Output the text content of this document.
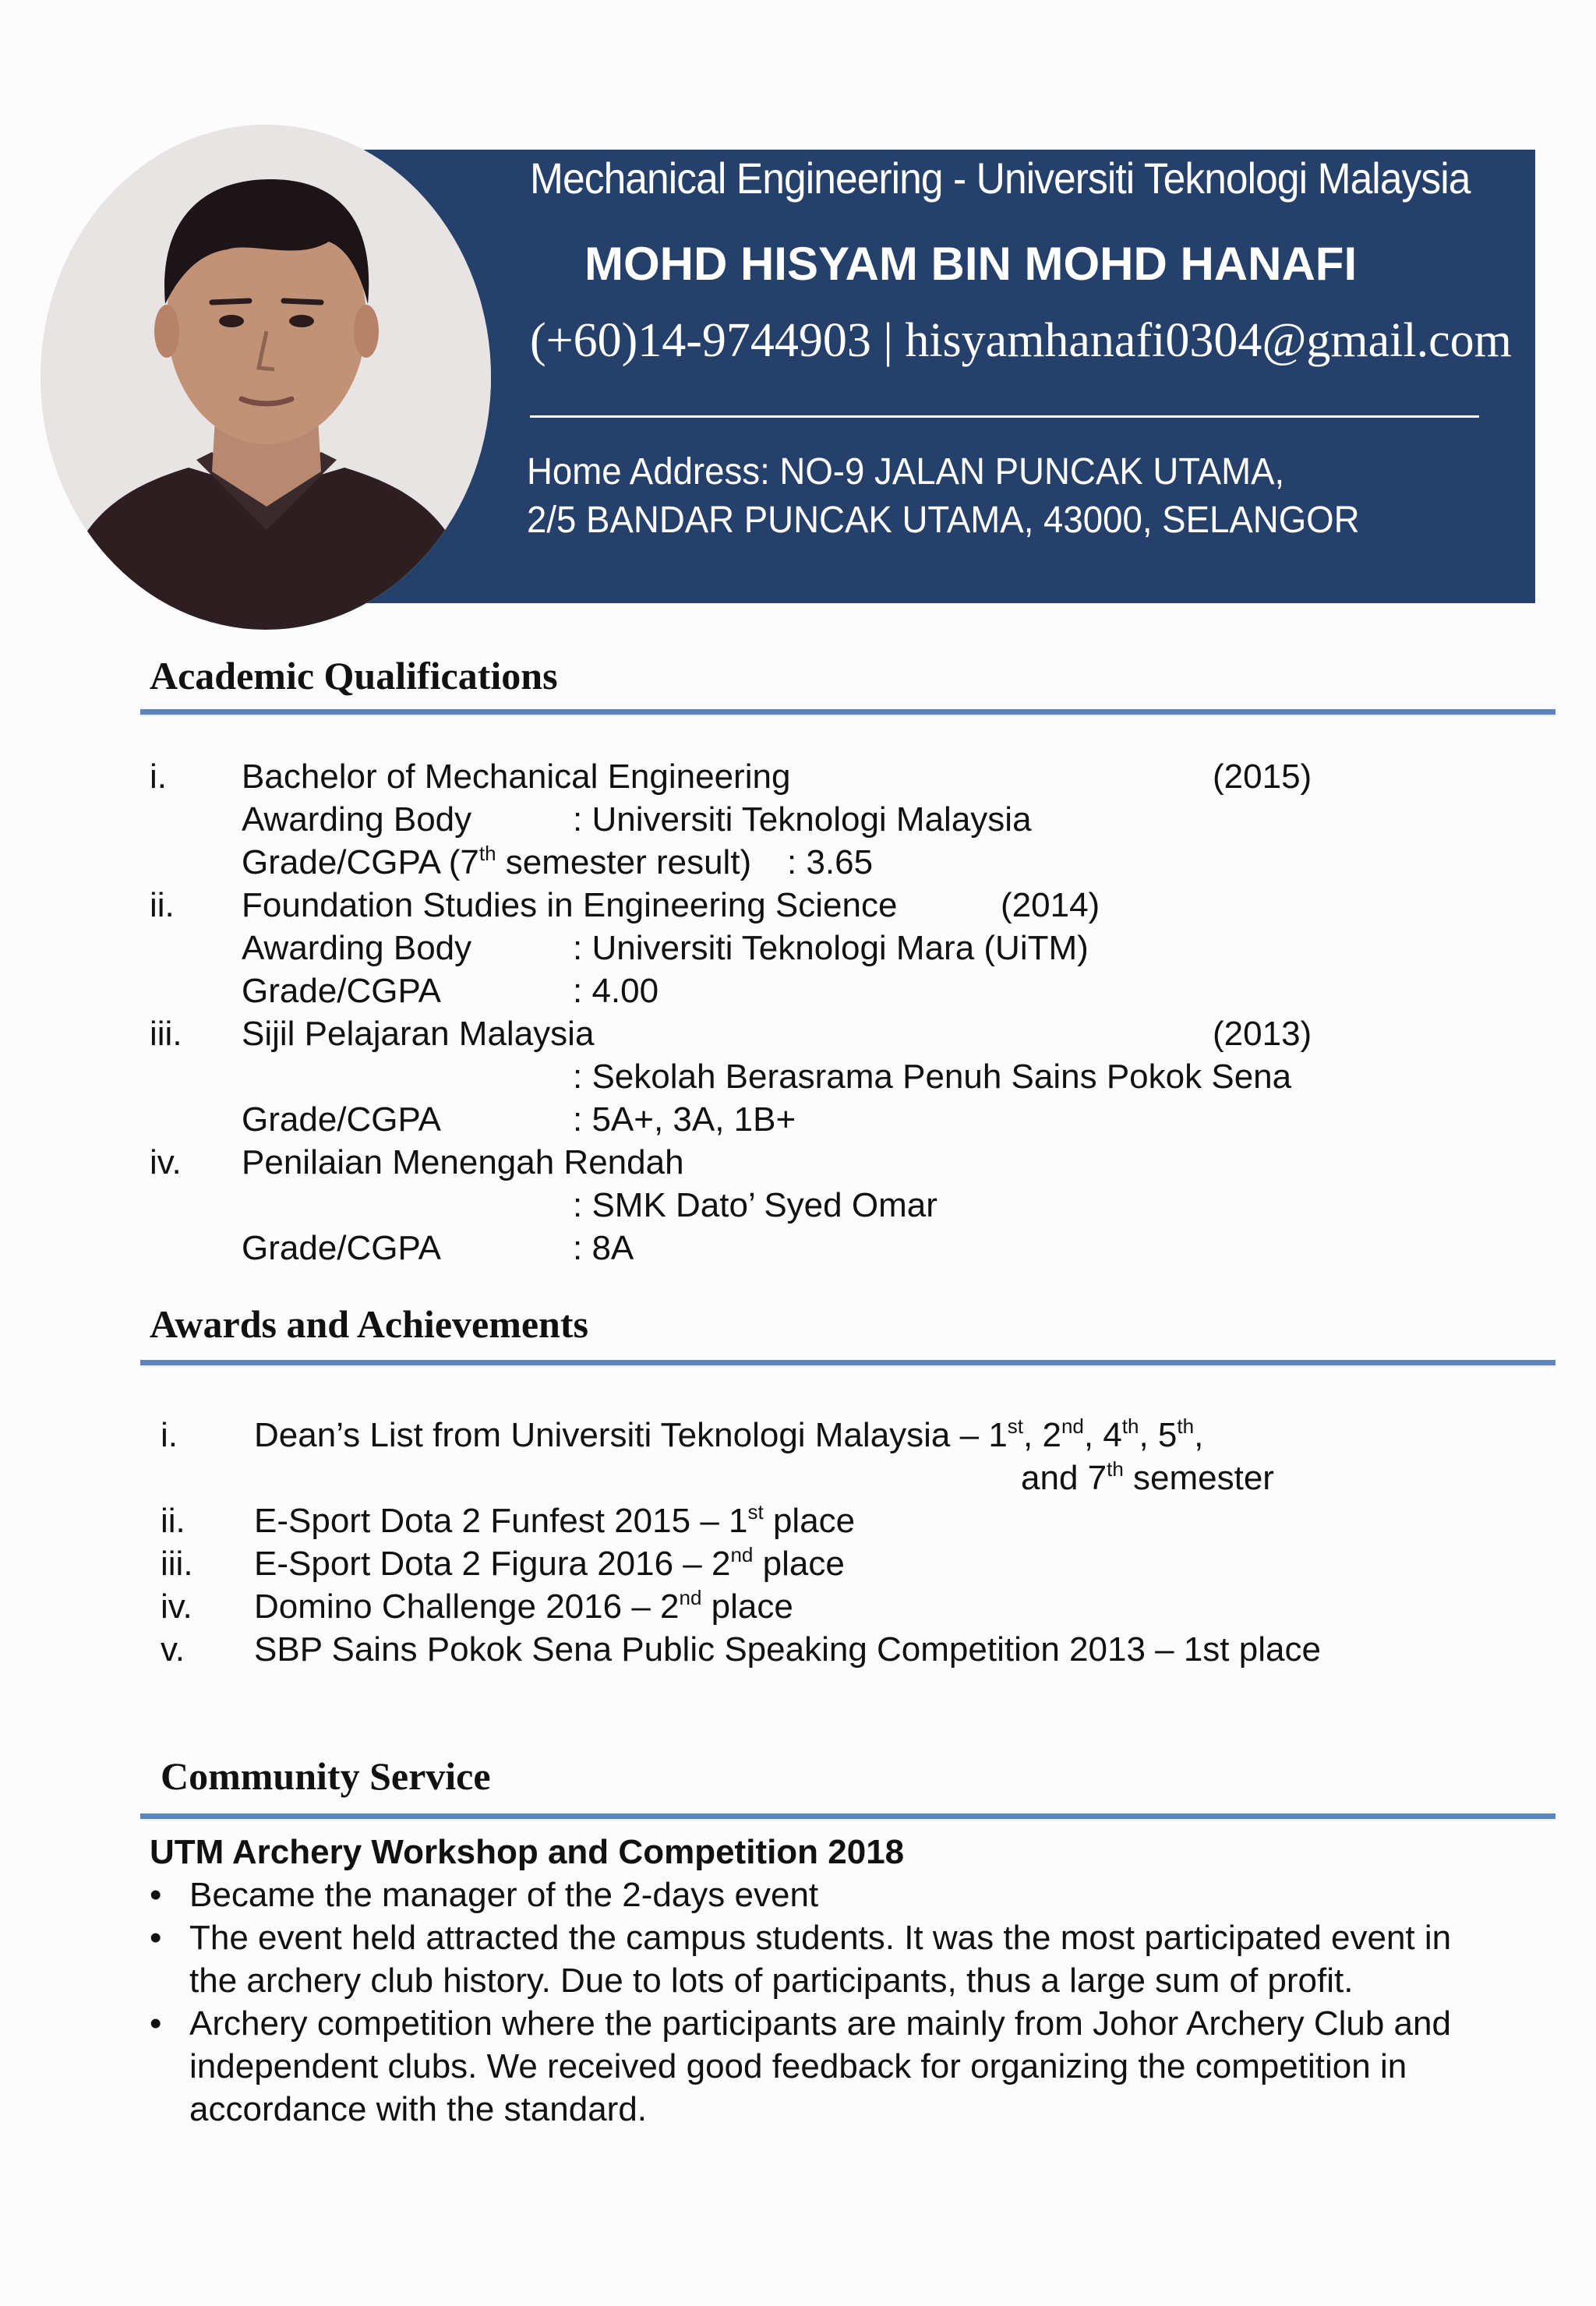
Mechanical Engineering - Universiti Teknologi Malaysia
MOHD HISYAM BIN MOHD HANAFI
(+60)14-9744903 | hisyamhanafi0304@gmail.com
Home Address: NO-9 JALAN PUNCAK UTAMA,
2/5 BANDAR PUNCAK UTAMA, 43000, SELANGOR
Academic Qualifications
i. Bachelor of Mechanical Engineering	(2015)
Awarding Body	: Universiti Teknologi Malaysia
Grade/CGPA (7th semester result) : 3.65
ii. Foundation Studies in Engineering Science	(2014)
Awarding Body	: Universiti Teknologi Mara (UiTM)
Grade/CGPA	: 4.00
iii. Sijil Pelajaran Malaysia	(2013)
: Sekolah Berasrama Penuh Sains Pokok Sena
Grade/CGPA	: 5A+, 3A, 1B+
iv. Penilaian Menengah Rendah
: SMK Dato’ Syed Omar
Grade/CGPA	: 8A
Awards and Achievements
i. Dean’s List from Universiti Teknologi Malaysia – 1st, 2nd, 4th, 5th,
and 7th semester
ii. E-Sport Dota 2 Funfest 2015 – 1st place
iii. E-Sport Dota 2 Figura 2016 – 2nd place
iv. Domino Challenge 2016 – 2nd place
v. SBP Sains Pokok Sena Public Speaking Competition 2013 – 1st place
Community Service
UTM Archery Workshop and Competition 2018
• Became the manager of the 2-days event
• The event held attracted the campus students. It was the most participated event in
the archery club history. Due to lots of participants, thus a large sum of profit.
• Archery competition where the participants are mainly from Johor Archery Club and
independent clubs. We received good feedback for organizing the competition in
accordance with the standard.
